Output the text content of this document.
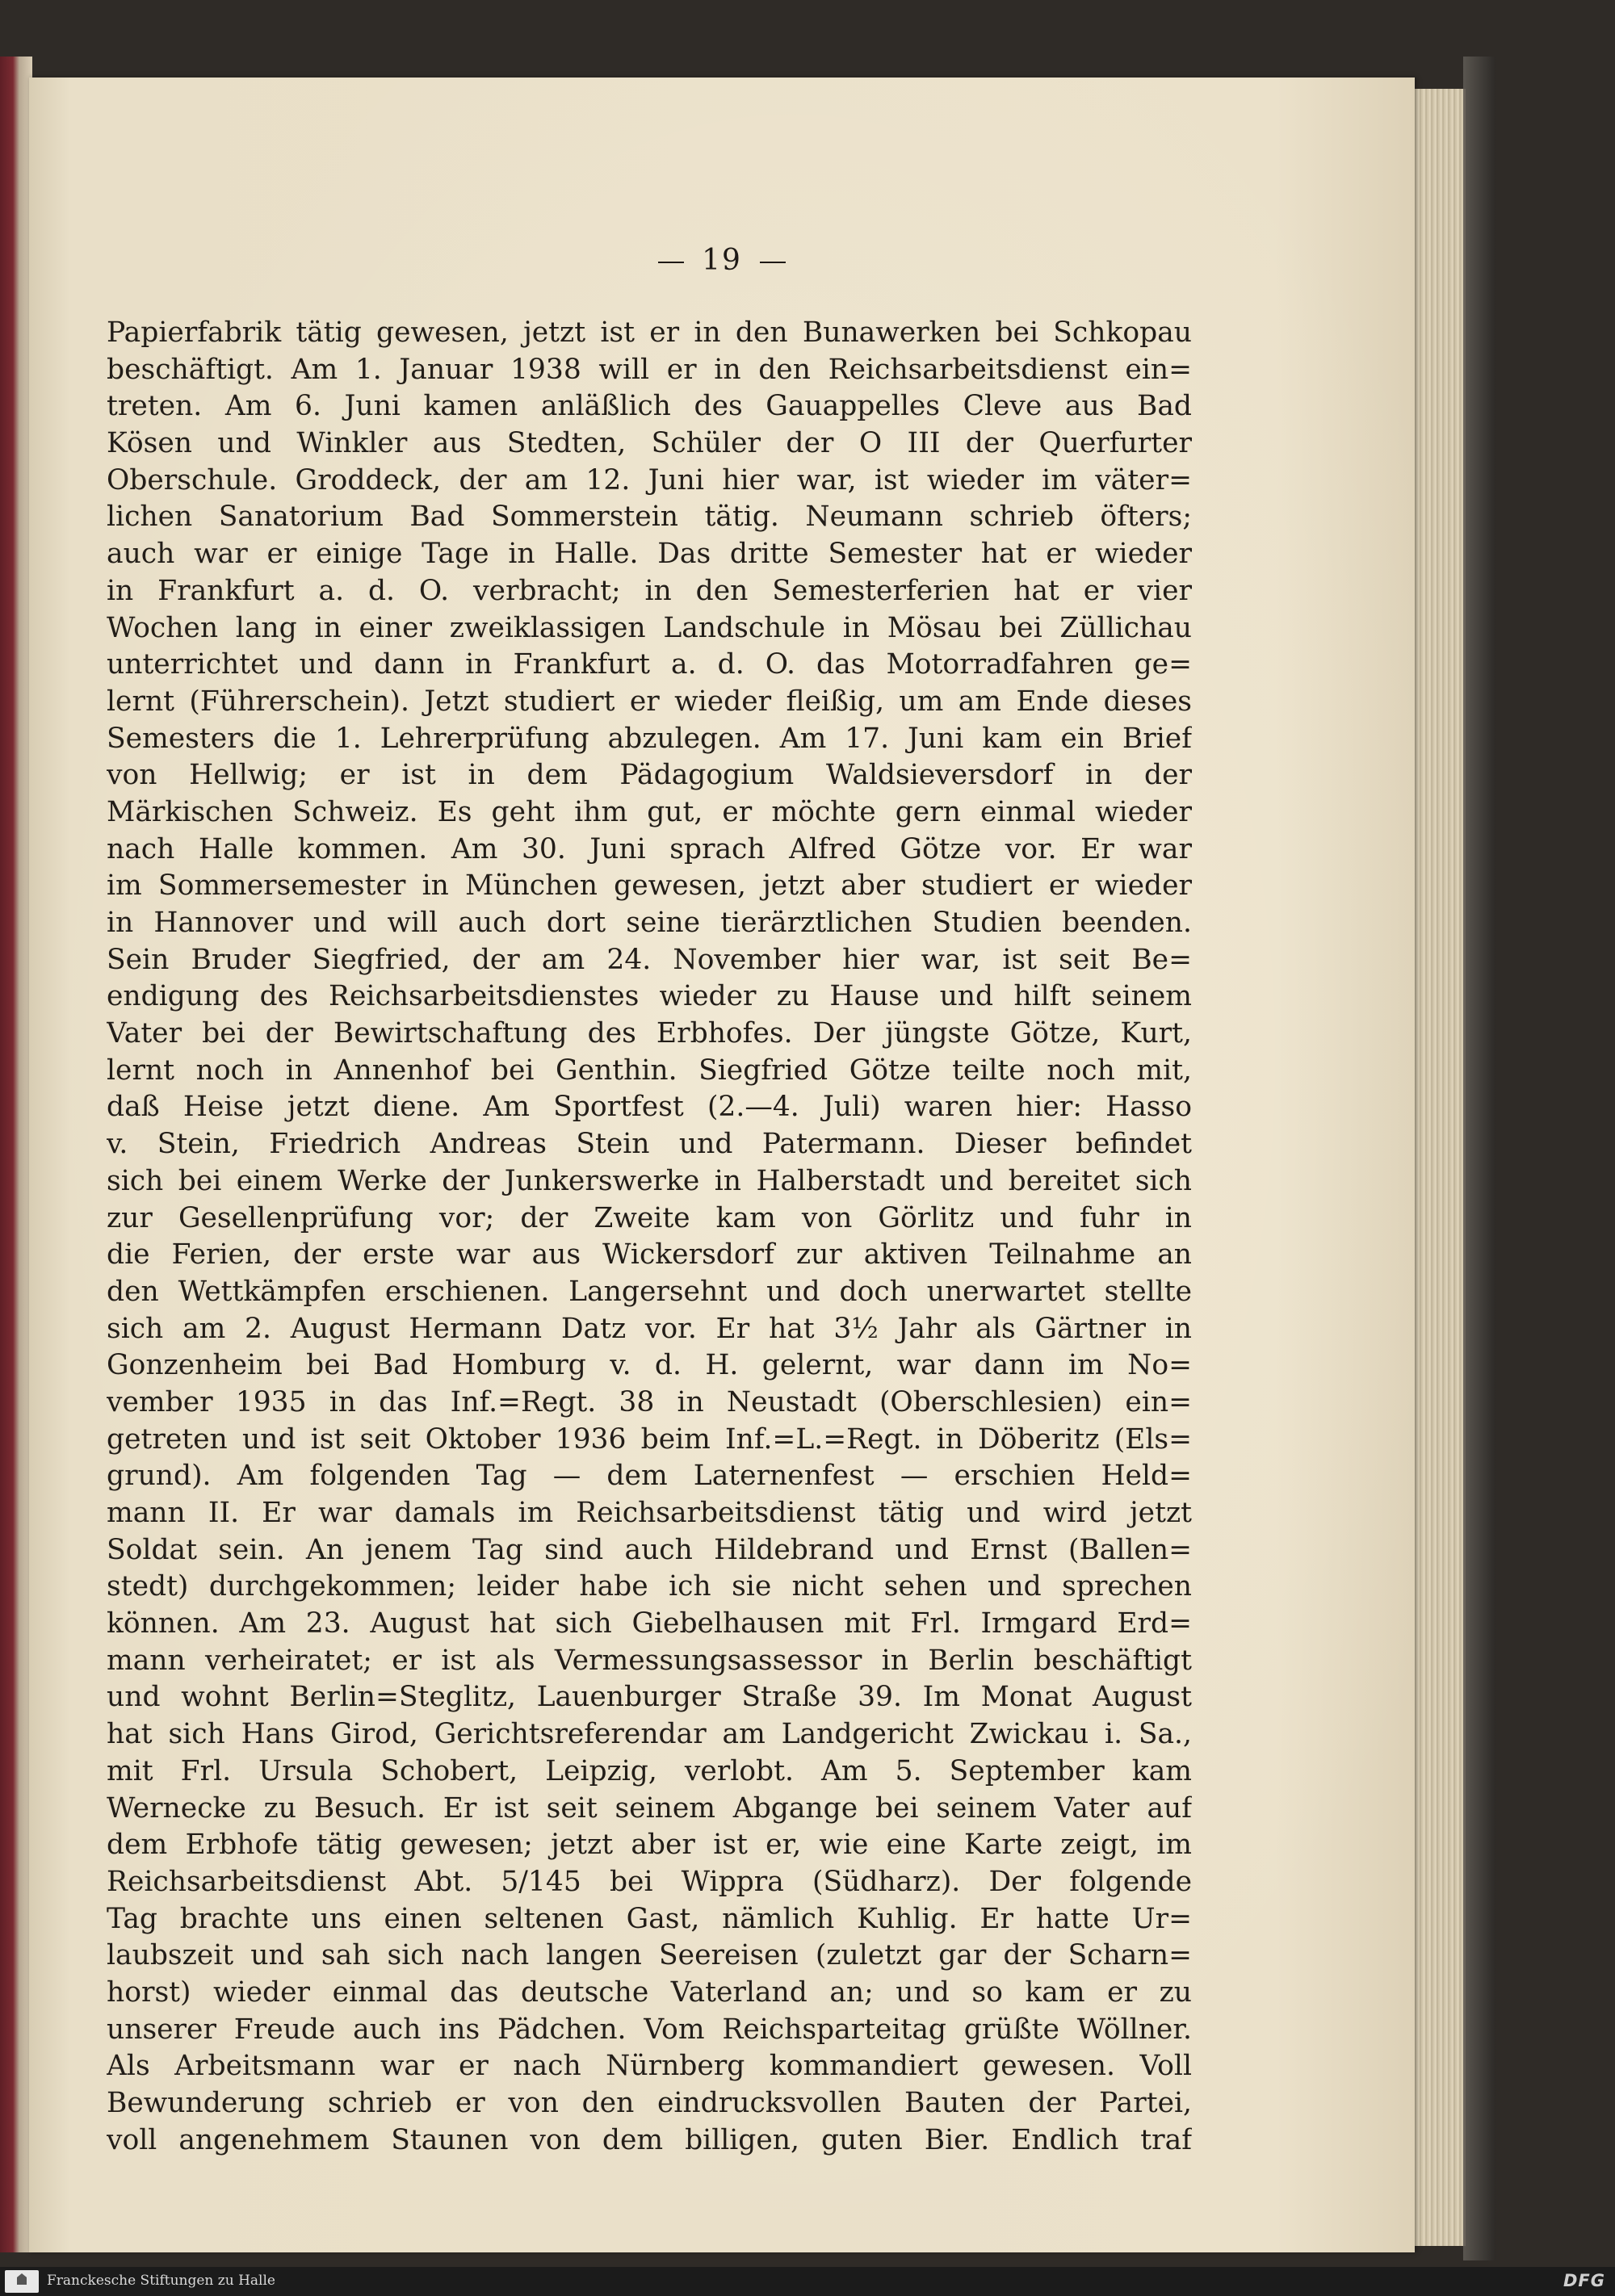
19
Papierfabrik tätig gewesen, jetzt ist er in den Bunawerken bei Schkopau
beschäftigt. Am 1. Januar 1938 will er in den Reichsarbeitsdienst ein=
treten. Am 6. Juni kamen anläßlich des Gauappelles Cleve aus Bad
Kösen und Winkler aus Stedten, Schüler der O III der Querfurter
Oberschule. Groddeck, der am 12. Juni hier war, ist wieder im väter=
lichen Sanatorium Bad Sommerstein tätig. Neumann schrieb öfters;
auch war er einige Tage in Halle. Das dritte Semester hat er wieder
in Frankfurt a. d. O. verbracht; in den Semesterferien hat er vier
Wochen lang in einer zweiklassigen Landschule in Mösau bei Züllichau
unterrichtet und dann in Frankfurt a. d. O. das Motorradfahren ge=
lernt (Führerschein). Jetzt studiert er wieder fleißig, um am Ende dieses
Semesters die 1. Lehrerprüfung abzulegen. Am 17. Juni kam ein Brief
von Hellwig; er ist in dem Pädagogium Waldsieversdorf in der
Märkischen Schweiz. Es geht ihm gut, er möchte gern einmal wieder
nach Halle kommen. Am 30. Juni sprach Alfred Götze vor. Er war
im Sommersemester in München gewesen, jetzt aber studiert er wieder
in Hannover und will auch dort seine tierärztlichen Studien beenden.
Sein Bruder Siegfried, der am 24. November hier war, ist seit Be=
endigung des Reichsarbeitsdienstes wieder zu Hause und hilft seinem
Vater bei der Bewirtschaftung des Erbhofes. Der jüngste Götze, Kurt,
lernt noch in Annenhof bei Genthin. Siegfried Götze teilte noch mit,
daß Heise jetzt diene. Am Sportfest (2.—4. Juli) waren hier: Hasso
v. Stein, Friedrich Andreas Stein und Patermann. Dieser befindet
sich bei einem Werke der Junkerswerke in Halberstadt und bereitet sich
zur Gesellenprüfung vor; der Zweite kam von Görlitz und fuhr in
die Ferien, der erste war aus Wickersdorf zur aktiven Teilnahme an
den Wettkämpfen erschienen. Langersehnt und doch unerwartet stellte
sich am 2. August Hermann Datz vor. Er hat 3½ Jahr als Gärtner in
Gonzenheim bei Bad Homburg v. d. H. gelernt, war dann im No=
vember 1935 in das Inf.=Regt. 38 in Neustadt (Oberschlesien) ein=
getreten und ist seit Oktober 1936 beim Inf.=L.=Regt. in Döberitz (Els=
grund). Am folgenden Tag — dem Laternenfest — erschien Held=
mann II. Er war damals im Reichsarbeitsdienst tätig und wird jetzt
Soldat sein. An jenem Tag sind auch Hildebrand und Ernst (Ballen=
stedt) durchgekommen; leider habe ich sie nicht sehen und sprechen
können. Am 23. August hat sich Giebelhausen mit Frl. Irmgard Erd=
mann verheiratet; er ist als Vermessungsassessor in Berlin beschäftigt
und wohnt Berlin=Steglitz, Lauenburger Straße 39. Im Monat August
hat sich Hans Girod, Gerichtsreferendar am Landgericht Zwickau i. Sa.,
mit Frl. Ursula Schobert, Leipzig, verlobt. Am 5. September kam
Wernecke zu Besuch. Er ist seit seinem Abgange bei seinem Vater auf
dem Erbhofe tätig gewesen; jetzt aber ist er, wie eine Karte zeigt, im
Reichsarbeitsdienst Abt. 5/145 bei Wippra (Südharz). Der folgende
Tag brachte uns einen seltenen Gast, nämlich Kuhlig. Er hatte Ur=
laubszeit und sah sich nach langen Seereisen (zuletzt gar der Scharn=
horst) wieder einmal das deutsche Vaterland an; und so kam er zu
unserer Freude auch ins Pädchen. Vom Reichsparteitag grüßte Wöllner.
Als Arbeitsmann war er nach Nürnberg kommandiert gewesen. Voll
Bewunderung schrieb er von den eindrucksvollen Bauten der Partei,
voll angenehmem Staunen von dem billigen, guten Bier. Endlich traf
Franckesche Stiftungen zu Halle	DFG
